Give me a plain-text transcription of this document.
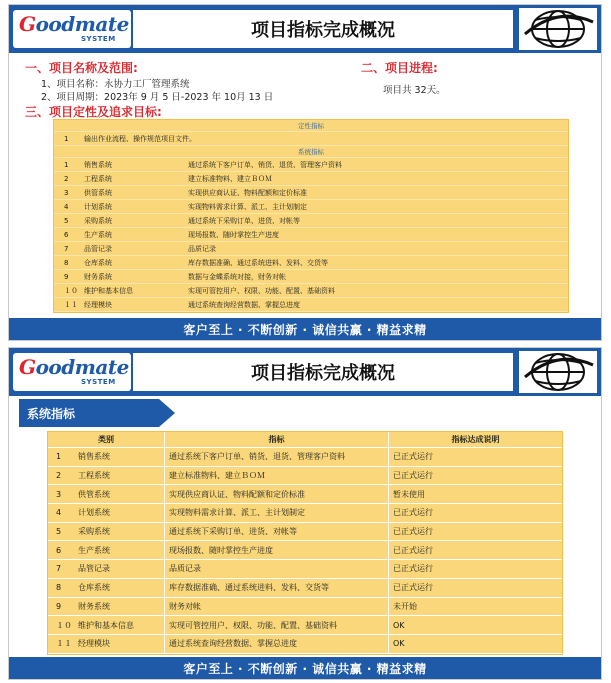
Goodmate
SYSTEM	项目指标完成概况
一、项目名称及范围:
1、项目名称：永协力工厂管理系统
2、项目周期：2023年 9 月 5 日-2023 年 10月 13 日
二、项目进程:
项目共 32天。
三、项目定性及追求目标:
定性指标
1	输出作业流程、操作规范项目文件。
系统指标
1	销售系统	通过系统下客户订单、销货、退货、管理客户资料
2	工程系统	建立标准物料、建立ＢＯＭ
3	供管系统	实现供应商认证、物料配额和定价标准
4	计划系统	实现物料需求计算、派工、主计划制定
5	采购系统	通过系统下采购订单、进货、对帐等
6	生产系统	现场报数、随时掌控生产进度
7	品管记录	品质记录
8	仓库系统	库存数据准确、通过系统进料、发料、交货等
9	财务系统	数据与金蝶系统对接，财务对帐
１０ 维护和基本信息	实现可管控用户、权限、功能、配置、基础资料
１１ 经理模块	通过系统查询经营数据、掌握总进度
客户至上 · 不断创新 · 诚信共赢 · 精益求精
Goodmate
SYSTEM	项目指标完成概况
系统指标
类别	指标	指标达成说明
1	销售系统	通过系统下客户订单、销货、退货、管理客户资料	已正式运行
2	工程系统	建立标准物料、建立ＢＯＭ	已正式运行
3	供管系统	实现供应商认证、物料配额和定价标准	暂未使用
4	计划系统	实现物料需求计算、派工、主计划制定	已正式运行
5	采购系统	通过系统下采购订单、进货、对帐等	已正式运行
6	生产系统	现场报数、随时掌控生产进度	已正式运行
7	品管记录	品质记录	已正式运行
8	仓库系统	库存数据准确、通过系统进料、发料、交货等	已正式运行
9	财务系统	财务对帐	未开始
１０ 维护和基本信息	实现可管控用户、权限、功能、配置、基础资料	OK
１１ 经理模块	通过系统查询经营数据、掌握总进度	OK
客户至上 · 不断创新 · 诚信共赢 · 精益求精
